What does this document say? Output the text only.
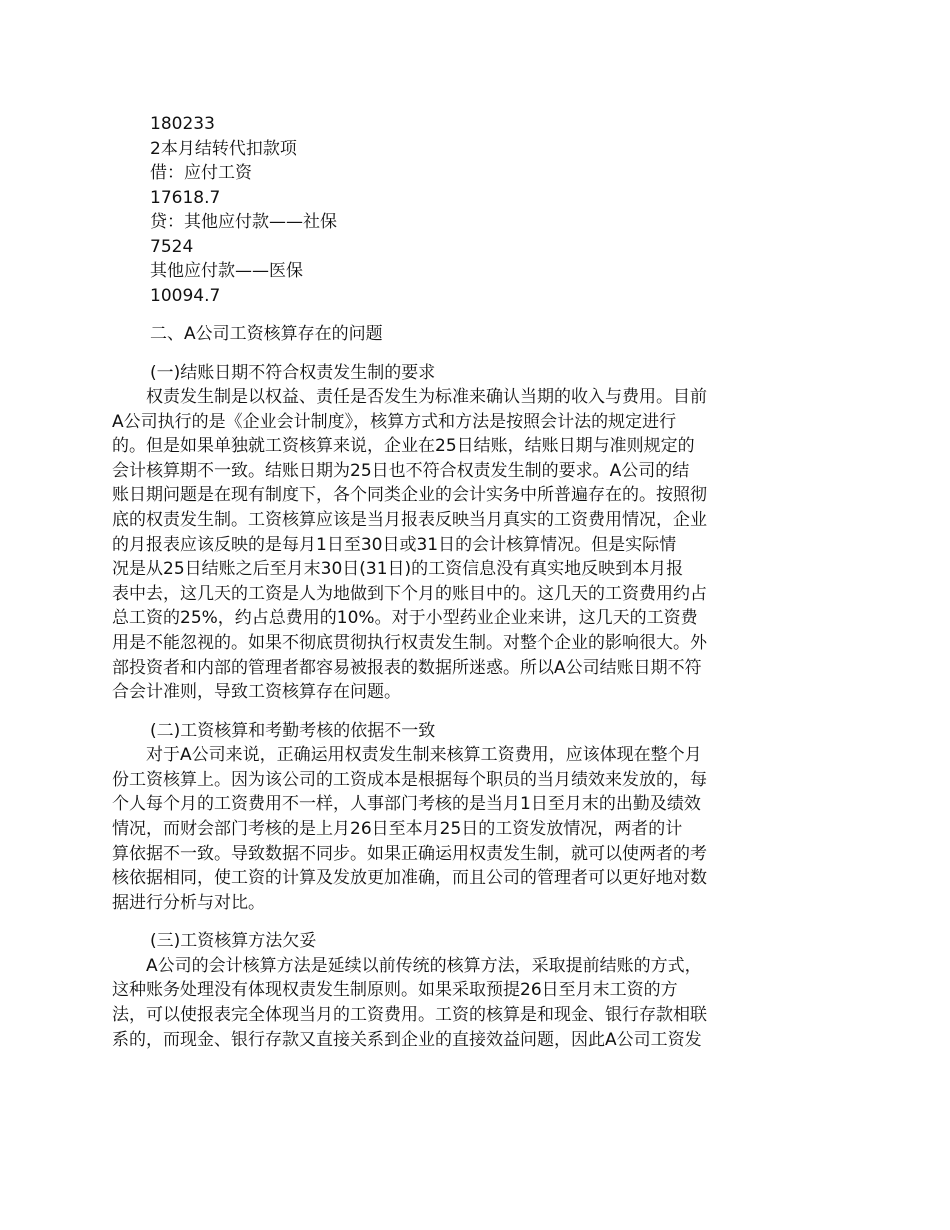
180233
2本月结转代扣款项
借：应付工资
17618.7
贷：其他应付款——社保
7524
其他应付款——医保
10094.7
二、A公司工资核算存在的问题
(一)结账日期不符合权责发生制的要求
　　权责发生制是以权益、责任是否发生为标准来确认当期的收入与费用。目前
A公司执行的是《企业会计制度》，核算方式和方法是按照会计法的规定进行
的。但是如果单独就工资核算来说，企业在25日结账，结账日期与准则规定的
会计核算期不一致。结账日期为25日也不符合权责发生制的要求。A公司的结
账日期问题是在现有制度下，各个同类企业的会计实务中所普遍存在的。按照彻
底的权责发生制。工资核算应该是当月报表反映当月真实的工资费用情况，企业
的月报表应该反映的是每月1日至30日或31日的会计核算情况。但是实际情
况是从25日结账之后至月末30日(31日)的工资信息没有真实地反映到本月报
表中去，这几天的工资是人为地做到下个月的账目中的。这几天的工资费用约占
总工资的25%，约占总费用的10%。对于小型药业企业来讲，这几天的工资费
用是不能忽视的。如果不彻底贯彻执行权责发生制。对整个企业的影响很大。外
部投资者和内部的管理者都容易被报表的数据所迷惑。所以A公司结账日期不符
合会计准则，导致工资核算存在问题。
(二)工资核算和考勤考核的依据不一致
　　对于A公司来说，正确运用权责发生制来核算工资费用，应该体现在整个月
份工资核算上。因为该公司的工资成本是根据每个职员的当月绩效来发放的，每
个人每个月的工资费用不一样，人事部门考核的是当月1日至月末的出勤及绩效
情况，而财会部门考核的是上月26日至本月25日的工资发放情况，两者的计
算依据不一致。导致数据不同步。如果正确运用权责发生制，就可以使两者的考
核依据相同，使工资的计算及发放更加准确，而且公司的管理者可以更好地对数
据进行分析与对比。
(三)工资核算方法欠妥
　　A公司的会计核算方法是延续以前传统的核算方法，采取提前结账的方式，
这种账务处理没有体现权责发生制原则。如果采取预提26日至月末工资的方
法，可以使报表完全体现当月的工资费用。工资的核算是和现金、银行存款相联
系的，而现金、银行存款又直接关系到企业的直接效益问题，因此A公司工资发
